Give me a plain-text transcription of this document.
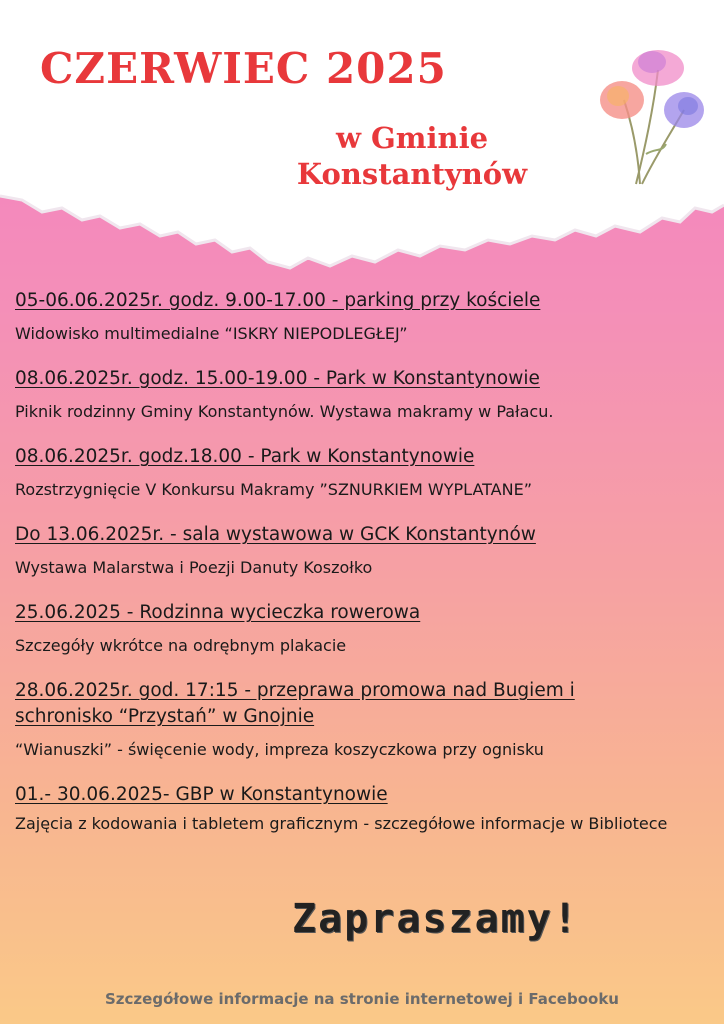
CZERWIEC 2025
w Gminie
Konstantynów
05-06.06.2025r. godz. 9.00-17.00 - parking przy kościele
Widowisko multimedialne “ISKRY NIEPODLEGŁEJ”
08.06.2025r. godz. 15.00-19.00 - Park w Konstantynowie
Piknik rodzinny Gminy Konstantynów. Wystawa makramy w Pałacu.
08.06.2025r. godz.18.00 - Park w Konstantynowie
Rozstrzygnięcie V Konkursu Makramy ”SZNURKIEM WYPLATANE”
Do 13.06.2025r. - sala wystawowa w GCK Konstantynów
Wystawa Malarstwa i Poezji Danuty Koszołko
25.06.2025 - Rodzinna wycieczka rowerowa
Szczegóły wkrótce na odrębnym plakacie
28.06.2025r. god. 17:15 - przeprawa promowa nad Bugiem i schronisko “Przystań” w Gnojnie
“Wianuszki” - święcenie wody, impreza koszyczkowa przy ognisku
01.- 30.06.2025- GBP w Konstantynowie
Zajęcia z kodowania i tabletem graficznym - szczegółowe informacje w Bibliotece
Zapraszamy!
Szczegółowe informacje na stronie internetowej i Facebooku
